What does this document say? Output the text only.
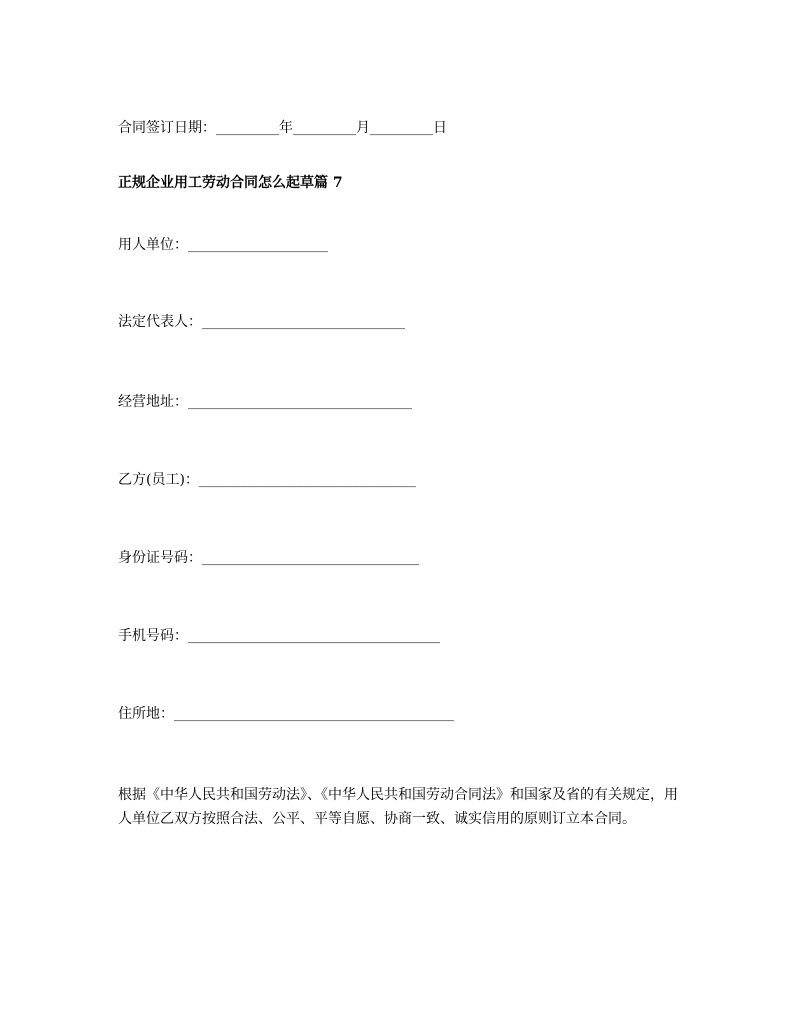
合同签订日期：_________年_________月_________日
正规企业用工劳动合同怎么起草篇 7
用人单位：____________________
法定代表人：_____________________________
经营地址：________________________________
乙方(员工)：_______________________________
身份证号码：_______________________________
手机号码：____________________________________
住所地：________________________________________
根据《中华人民共和国劳动法》、《中华人民共和国劳动合同法》和国家及省的有关规定，用人单位乙双方按照合法、公平、平等自愿、协商一致、诚实信用的原则订立本合同。
